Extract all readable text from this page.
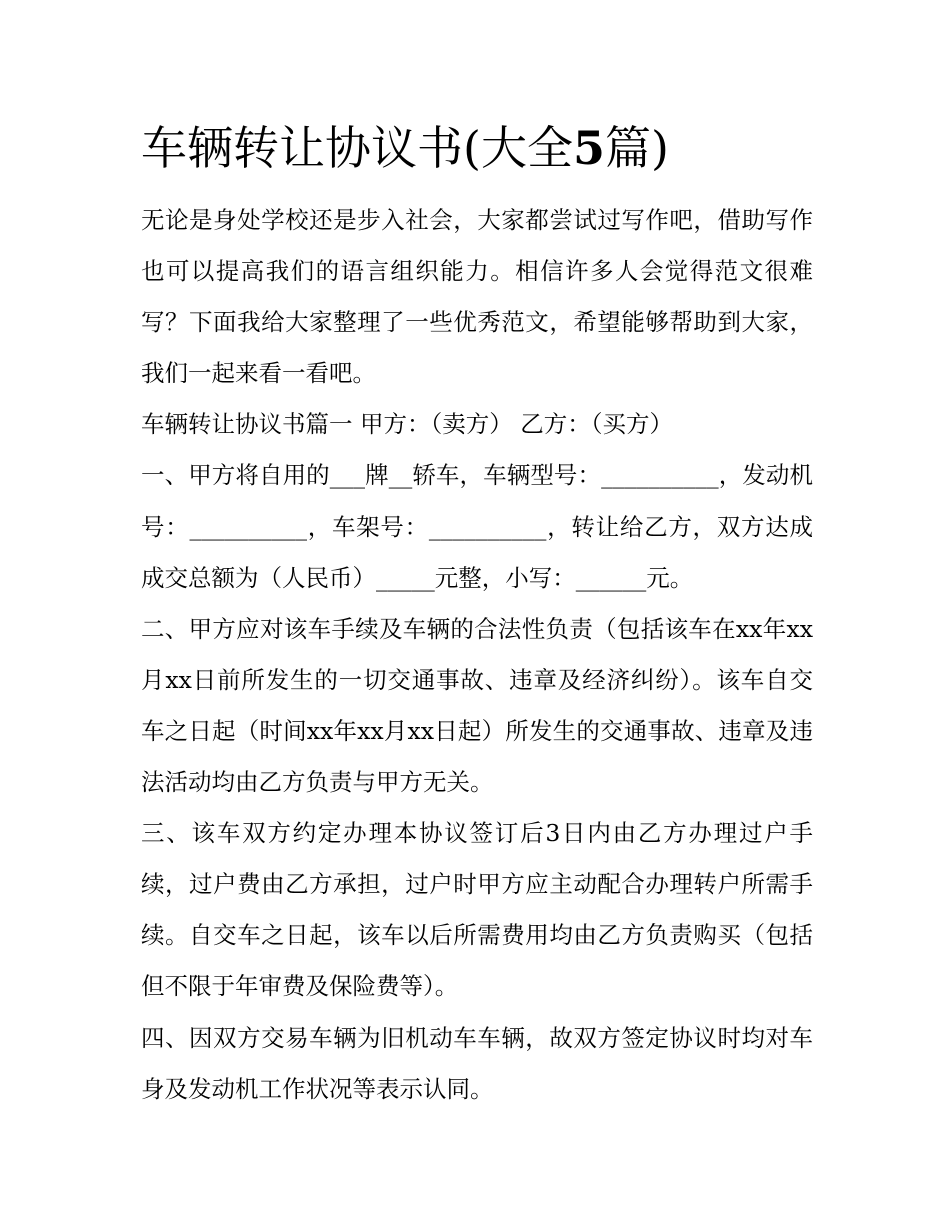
车辆转让协议书(大全5篇)

无论是身处学校还是步入社会，大家都尝试过写作吧，借助写作也可以提高我们的语言组织能力。相信许多人会觉得范文很难写？下面我给大家整理了一些优秀范文，希望能够帮助到大家，我们一起来看一看吧。

车辆转让协议书篇一 甲方：（卖方） 乙方：（买方）

一、甲方将自用的___牌__轿车，车辆型号：__________，发动机号：__________，车架号：__________，转让给乙方，双方达成成交总额为（人民币）_____元整，小写：______元。

二、甲方应对该车手续及车辆的合法性负责（包括该车在xx年xx月xx日前所发生的一切交通事故、违章及经济纠纷）。该车自交车之日起（时间xx年xx月xx日起）所发生的交通事故、违章及违法活动均由乙方负责与甲方无关。

三、该车双方约定办理本协议签订后3日内由乙方办理过户手续，过户费由乙方承担，过户时甲方应主动配合办理转户所需手续。自交车之日起，该车以后所需费用均由乙方负责购买（包括但不限于年审费及保险费等）。

四、因双方交易车辆为旧机动车车辆，故双方签定协议时均对车身及发动机工作状况等表示认同。
